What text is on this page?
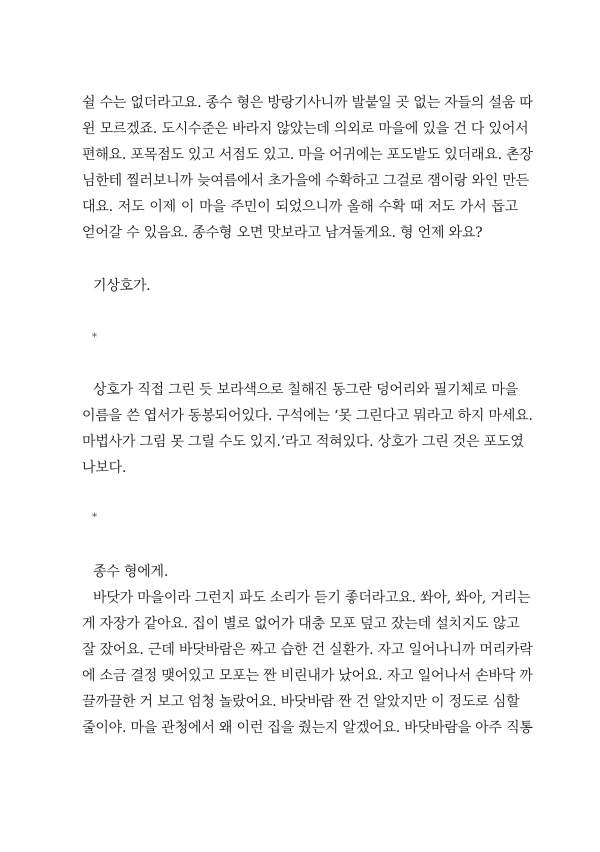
쉴 수는 없더라고요. 종수 형은 방랑기사니까 발붙일 곳 없는 자들의 설움 따
윈 모르겠죠. 도시수준은 바라지 않았는데 의외로 마을에 있을 건 다 있어서
편해요. 포목점도 있고 서점도 있고. 마을 어귀에는 포도밭도 있더래요. 촌장
님한테 찔러보니까 늦여름에서 초가을에 수확하고 그걸로 잼이랑 와인 만든
대요. 저도 이제 이 마을 주민이 되었으니까 올해 수확 때 저도 가서 돕고
얻어갈 수 있음요. 종수형 오면 맛보라고 남겨둘게요. 형 언제 와요?
기상호가.
*
상호가 직접 그린 듯 보라색으로 칠해진 동그란 덩어리와 필기체로 마을
이름을 쓴 엽서가 동봉되어있다. 구석에는 ‘못 그린다고 뭐라고 하지 마세요.
마법사가 그림 못 그릴 수도 있지.’라고 적혀있다. 상호가 그린 것은 포도였
나보다.
*
종수 형에게.
바닷가 마을이라 그런지 파도 소리가 듣기 좋더라고요. 쏴아, 쏴아, 거리는
게 자장가 같아요. 집이 별로 없어가 대충 모포 덮고 잤는데 설치지도 않고
잘 잤어요. 근데 바닷바람은 짜고 습한 건 실환가. 자고 일어나니까 머리카락
에 소금 결정 맺어있고 모포는 짠 비린내가 났어요. 자고 일어나서 손바닥 까
끌까끌한 거 보고 엄청 놀랐어요. 바닷바람 짠 건 알았지만 이 정도로 심할
줄이야. 마을 관청에서 왜 이런 집을 줬는지 알겠어요. 바닷바람을 아주 직통
